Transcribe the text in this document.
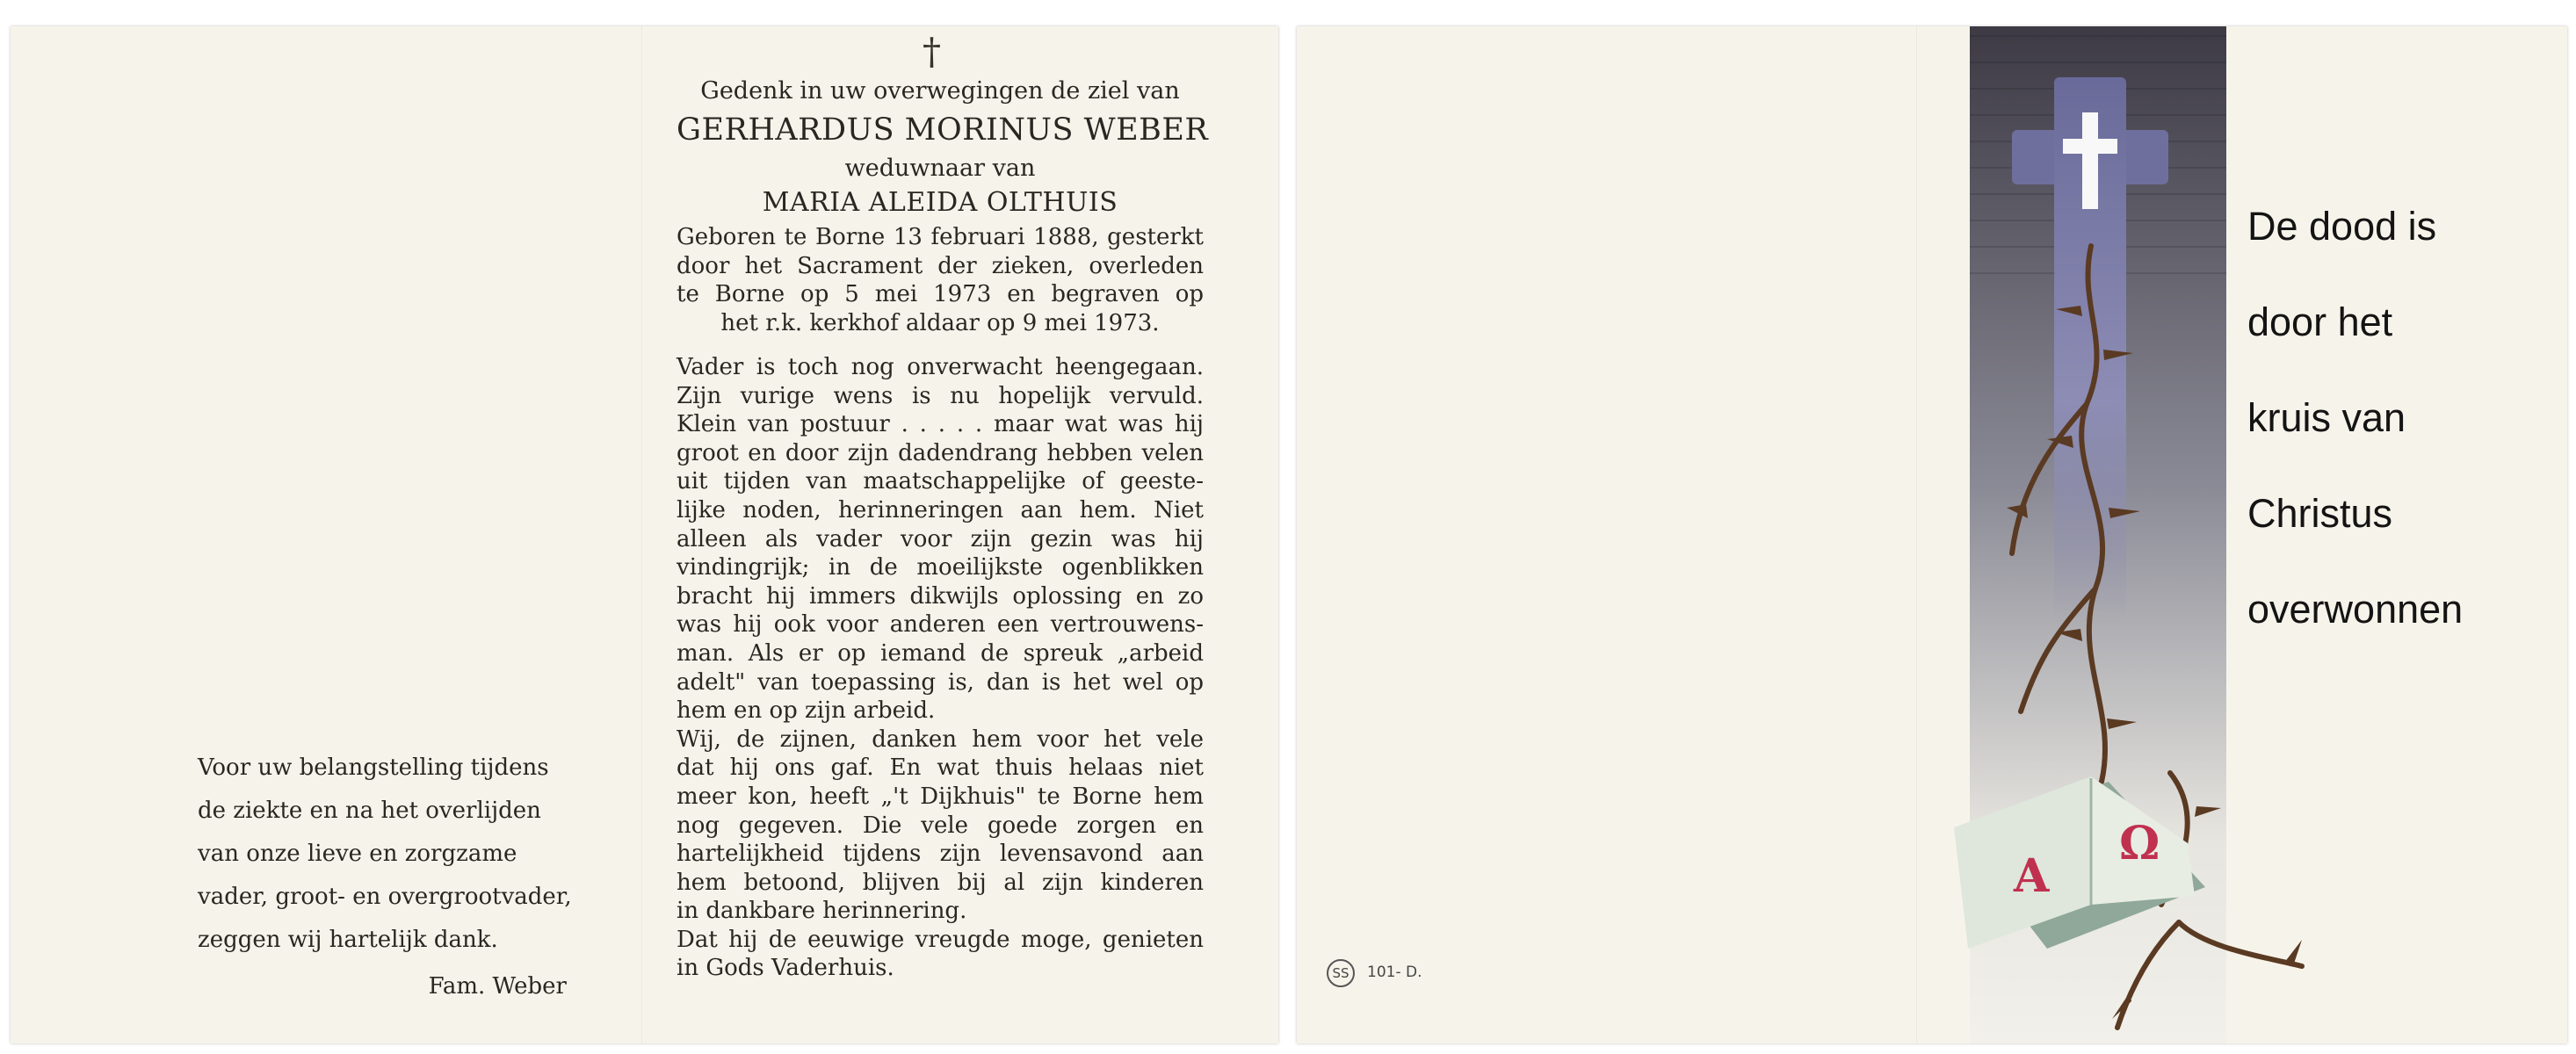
Voor uw belangstelling tijdens
de ziekte en na het overlijden
van onze lieve en zorgzame
vader, groot- en overgrootvader,
zeggen wij hartelijk dank.
Fam. Weber
†
Gedenk in uw overwegingen de ziel van
GERHARDUS MORINUS WEBER
weduwnaar van
MARIA ALEIDA OLTHUIS
Geboren te Borne 13 februari 1888, gesterkt
door het Sacrament der zieken, overleden
te Borne op 5 mei 1973 en begraven op
het r.k. kerkhof aldaar op 9 mei 1973.
Vader is toch nog onverwacht heengegaan.
Zijn vurige wens is nu hopelijk vervuld.
Klein van postuur . . . . . maar wat was hij
groot en door zijn dadendrang hebben velen
uit tijden van maatschappelijke of geeste-
lijke noden, herinneringen aan hem. Niet
alleen als vader voor zijn gezin was hij
vindingrijk; in de moeilijkste ogenblikken
bracht hij immers dikwijls oplossing en zo
was hij ook voor anderen een vertrouwens-
man. Als er op iemand de spreuk „arbeid
adelt" van toepassing is, dan is het wel op
hem en op zijn arbeid.
Wij, de zijnen, danken hem voor het vele
dat hij ons gaf. En wat thuis helaas niet
meer kon, heeft „'t Dijkhuis" te Borne hem
nog gegeven. Die vele goede zorgen en
hartelijkheid tijdens zijn levensavond aan
hem betoond, blijven bij al zijn kinderen
in dankbare herinnering.
Dat hij de eeuwige vreugde moge, genieten
in Gods Vaderhuis.	SS	101- D.
A
Ω
De dood is
door het
kruis van
Christus
overwonnen
